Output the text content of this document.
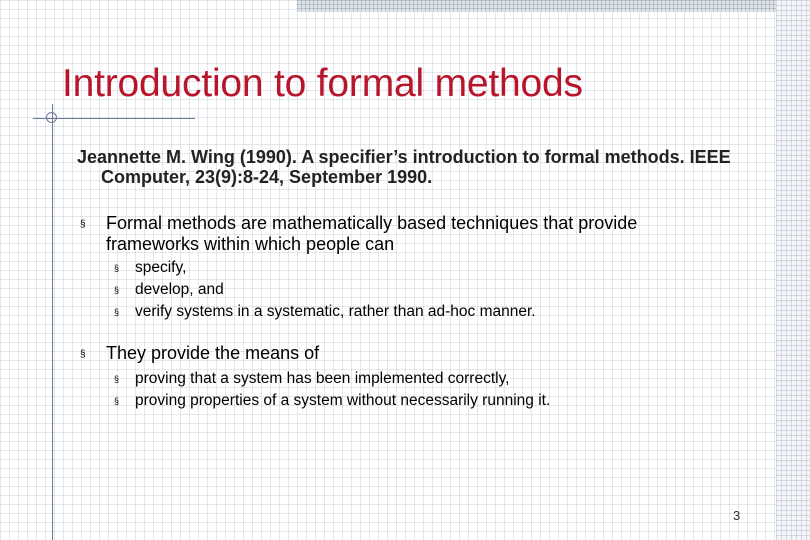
Introduction to formal methods

Jeannette M. Wing (1990). A specifier’s introduction to formal methods. IEEE Computer, 23(9):8-24, September 1990.

§	Formal methods are mathematically based techniques that provide frameworks within which people can
§	specify,
§	develop, and
§	verify systems in a systematic, rather than ad-hoc manner.
§	They provide the means of
§	proving that a system has been implemented correctly,
§	proving properties of a system without necessarily running it.

3
